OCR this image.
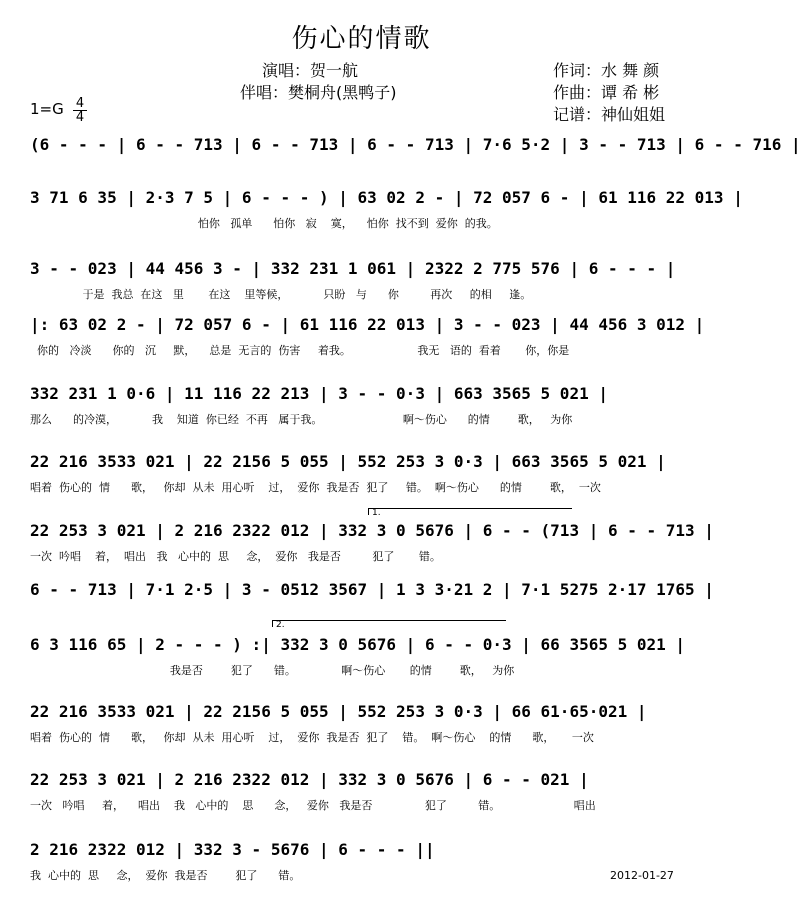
伤心的情歌
演唱：贺一航
伴唱：樊桐舟(黑鸭子)
作词：水 舞 颜
作曲：谭 希 彬
记谱：神仙姐姐
1=G 4
4
(6 - - - | 6 - - 713 | 6 - - 713 | 6 - - 713 | 7·6 5·2 | 3 - - 713 | 6 - - 716 |
3 71 6 35 | 2·3 7 5 | 6 - - - ) | 63 02 2 - | 72 057 6 - | 61 116 22 013 |
怕你   孤单      怕你   寂    寞，    怕你  找不到  爱你  的我。
3 - - 023 | 44 456 3 - | 332 231 1 061 | 2322 2 775 576 | 6 - - - |
于是  我总  在这   里       在这    里等候，          只盼   与      你         再次     的相     逢。
|: 63 02 2 - | 72 057 6 - | 61 116 22 013 | 3 - - 023 | 44 456 3 012 |
你的   冷淡      你的   沉     默，    总是  无言的  伤害     着我。                   我无   语的  看着       你，你是
332 231 1 0·6 | 11 116 22 213 | 3 - - 0·3 | 663 3565 5 021 |
那么      的冷漠，          我    知道  你已经  不再   属于我。                       啊～伤心      的情        歌，   为你
22 216 3533 021 | 22 2156 5 055 | 552 253 3 0·3 | 663 3565 5 021 |
唱着  伤心的  情      歌，   你却  从未  用心听    过，  爱你  我是否  犯了     错。  啊～伤心      的情        歌，  一次
1.
22 253 3 021 | 2 216 2322 012 | 332 3 0 5676 | 6 - - (713 | 6 - - 713 |
一次  吟唱    着，  唱出   我   心中的  思     念，  爱你   我是否         犯了       错。
6 - - 713 | 7·1 2·5 | 3 - 0512 3567 | 1 3 3·21 2 | 7·1 5275 2·17 1765 |
2.
6 3 116 65 | 2 - - - ) :| 332 3 0 5676 | 6 - - 0·3 | 66 3565 5 021 |
我是否        犯了      错。             啊～伤心       的情        歌，   为你
22 216 3533 021 | 22 2156 5 055 | 552 253 3 0·3 | 66 61·65·021 |
唱着  伤心的  情      歌，   你却  从未  用心听    过，  爱你  我是否  犯了    错。  啊～伤心    的情      歌，     一次
22 253 3 021 | 2 216 2322 012 | 332 3 0 5676 | 6 - - 021 |
一次   吟唱     着，    唱出    我   心中的    思      念，   爱你   我是否               犯了         错。                     唱出
2 216 2322 012 | 332 3 - 5676 | 6 - - - ||
我  心中的  思     念，  爱你  我是否        犯了      错。	2012-01-27
